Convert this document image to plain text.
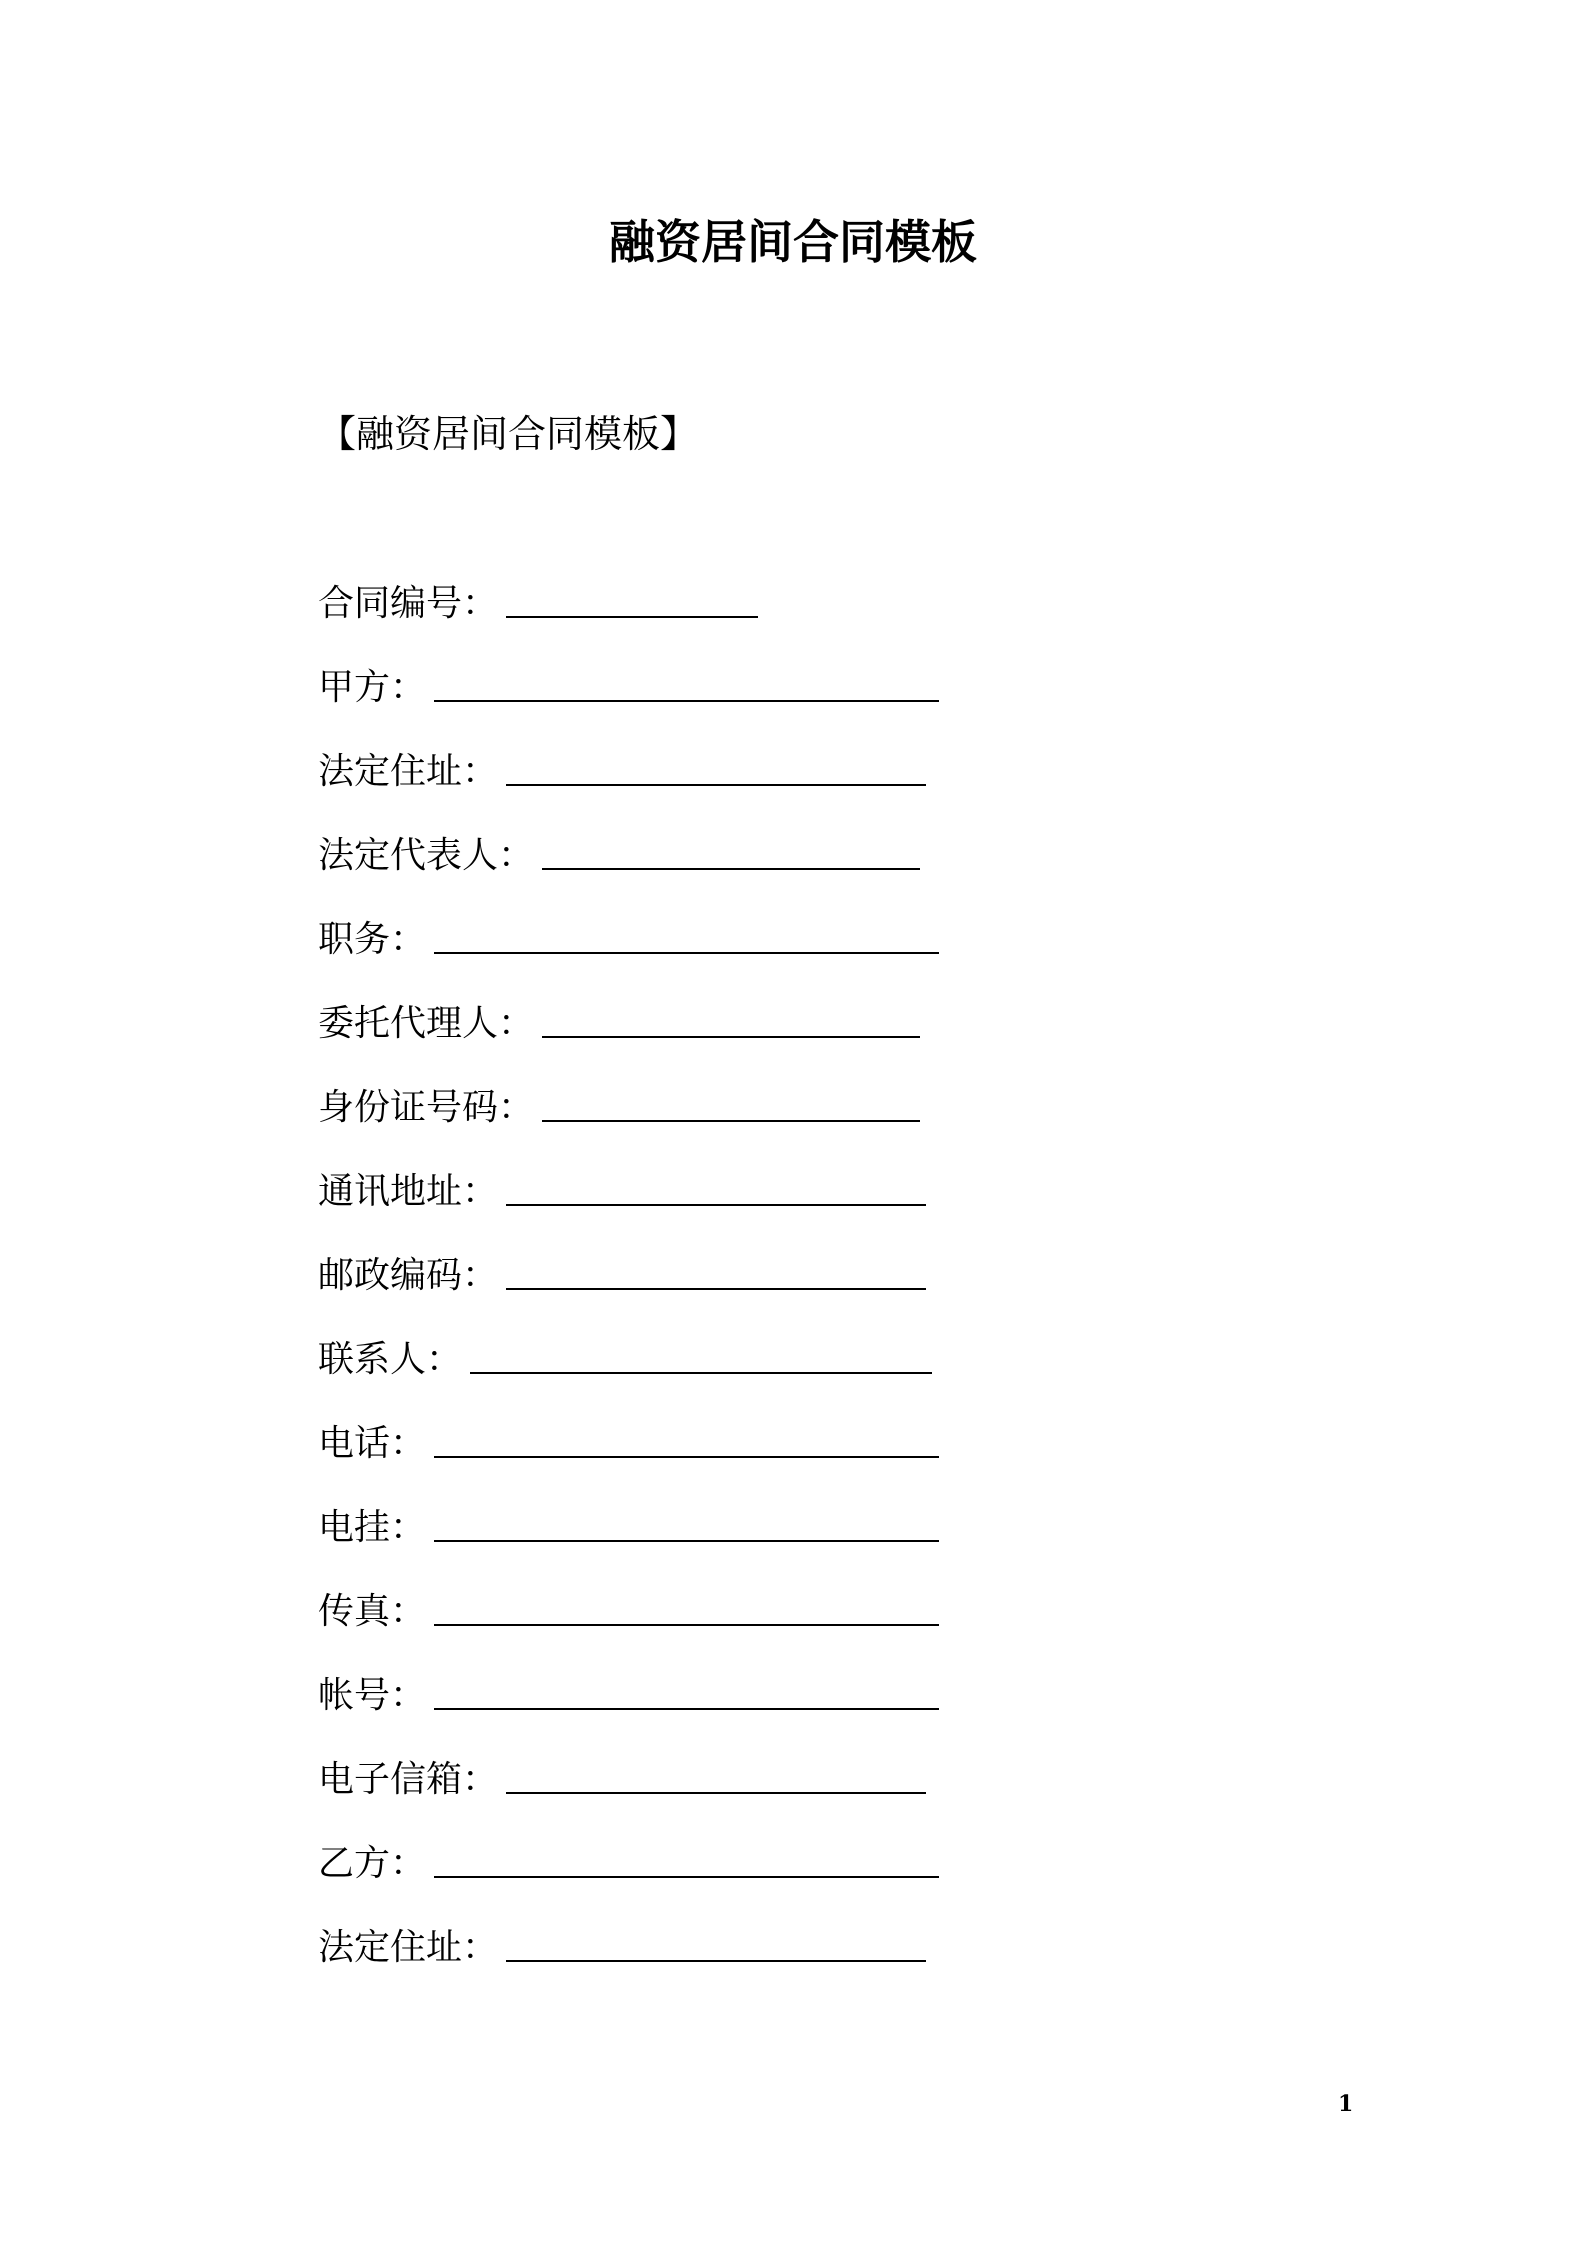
融资居间合同模板
【融资居间合同模板】
合同编号：
甲方：
法定住址：
法定代表人：
职务：
委托代理人：
身份证号码：
通讯地址：
邮政编码：
联系人：
电话：
电挂：
传真：
帐号：
电子信箱：
乙方：
法定住址：
1
